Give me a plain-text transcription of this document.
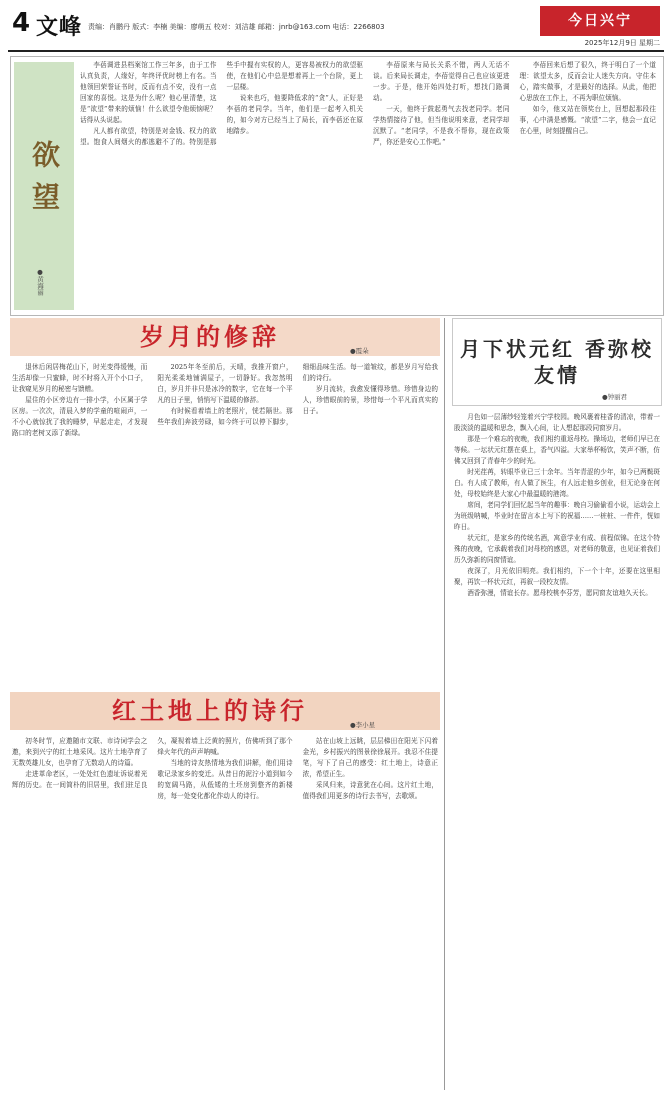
4 文峰 责编：肖鹏丹 版式：李楠 美编：廖萌五 校对：刘洁雄 邮箱：jnrb@163.com 电话：2266803	今日兴宁
2025年12月9日 星期二
欲望
●黄海丽

李蓓调进县档案馆工作三年多，由于工作认真负责，人缘好，年终评优时榜上有名。当他领回荣誉证书时，反而有点不安，没有一点回家的喜悦。这是为什么呢？他心里清楚，这是“欲望”带来的烦恼！什么欲望令他烦恼呢？话得从头说起。

凡人都有欲望，特别是对金钱、权力的欲望。饱食人间烟火的都逃避不了的。特别是那些手中握有实权的人，更容易被权力的欲望驱使，在他们心中总是想着再上一个台阶，更上一层楼。

说来也巧，他要降低求的“贪”人，正好是李蓓的老同学。当年，他们是一起考入机关的，如今对方已经当上了局长，而李蓓还在原地踏步。

李蓓原来与局长关系不错，两人无话不谈。后来局长调走，李蓓觉得自己也应该更进一步。于是，他开始四处打听，想找门路调动。

一天，他终于鼓起勇气去找老同学。老同学热情接待了他，但当他说明来意，老同学却沉默了。“老同学，不是我不帮你，现在政策严，你还是安心工作吧。”

李蓓回来后想了很久，终于明白了一个道理：欲望太多，反而会让人迷失方向。守住本心，踏实做事，才是最好的选择。从此，他把心思放在工作上，不再为职位烦恼。

如今，他又站在领奖台上，回想起那段往事，心中满是感慨。“欲望”二字，他会一直记在心里，时刻提醒自己。

岁月的修辞	●霞朵

退休后闲居梅花山下，时光变得缓慢，而生活却像一只蜜蜂，时不时将入开个小口子，让我窥见岁月的秘密与馈赠。

屋住的小区旁边有一排小学，小区属于学区房。一次次，清晨入梦的学童的喧闹声，一不小心就惊扰了我的睡梦，早起走走，才发现路口的老树又添了新绿。

2025年冬至前后，天晴，我推开窗户，阳光柔柔地铺满屋子，一切静好。我忽然明白，岁月并非只是冰冷的数字，它在每一个平凡的日子里，悄悄写下温暖的修辞。

有时候看着墙上的老照片，恍若隔世。那些年我们奔波劳碌，如今终于可以停下脚步，细细品味生活。每一道皱纹，都是岁月写给我们的诗行。

岁月流转，我愈发懂得珍惜。珍惜身边的人，珍惜眼前的景，珍惜每一个平凡而真实的日子。

红土地上的诗行	●李小星

初冬时节，应邀随市文联、市诗词学会之邀，来到兴宁的红土地采风。这片土地孕育了无数英雄儿女，也孕育了无数动人的诗篇。

走进革命老区，一处处红色遗址诉说着光辉的历史。在一间简朴的旧居里，我们驻足良久，凝视着墙上泛黄的照片，仿佛听到了那个烽火年代的声声呐喊。

当地的诗友热情地为我们讲解，他们用诗歌记录家乡的变迁。从昔日的泥泞小道到如今的宽阔马路，从低矮的土坯房到整齐的新楼房，每一处变化都化作动人的诗行。

站在山坡上远眺，层层梯田在阳光下闪着金光，乡村振兴的图景徐徐展开。我忍不住提笔，写下了自己的感受：红土地上，诗意正浓，希望正生。

采风归来，诗意犹在心间。这片红土地，值得我们用更多的诗行去书写，去歌颂。

月下状元红 香弥校友情
●钟丽君

月色如一层薄纱轻笼着兴宁学校园。晚风裹着桂香的清凉，带着一股淡淡的温暖和思念，飘入心间，让人想起那段同窗岁月。

那是一个难忘的夜晚，我们相约重返母校。操场边，老师们早已在等候。一坛状元红摆在桌上，香气四溢。大家举杯畅饮，笑声不断，仿佛又回到了青春年少的时光。

时光荏苒，转眼毕业已三十余年。当年青涩的少年，如今已两鬓斑白。有人成了教师，有人做了医生，有人远走他乡创业，但无论身在何处，母校始终是大家心中最温暖的港湾。

席间，老同学们回忆起当年的趣事：晚自习偷偷看小说，运动会上为班级呐喊，毕业时在留言本上写下的祝福……一桩桩、一件件，恍如昨日。

状元红，是家乡的传统名酒，寓意学业有成、前程似锦。在这个特殊的夜晚，它承载着我们对母校的感恩，对老师的敬意，也见证着我们历久弥新的同窗情谊。

夜深了，月光依旧明亮。我们相约，下一个十年，还要在这里相聚，再饮一杯状元红，再叙一段校友情。

酒香弥漫，情谊长存。愿母校桃李芬芳，愿同窗友谊地久天长。
